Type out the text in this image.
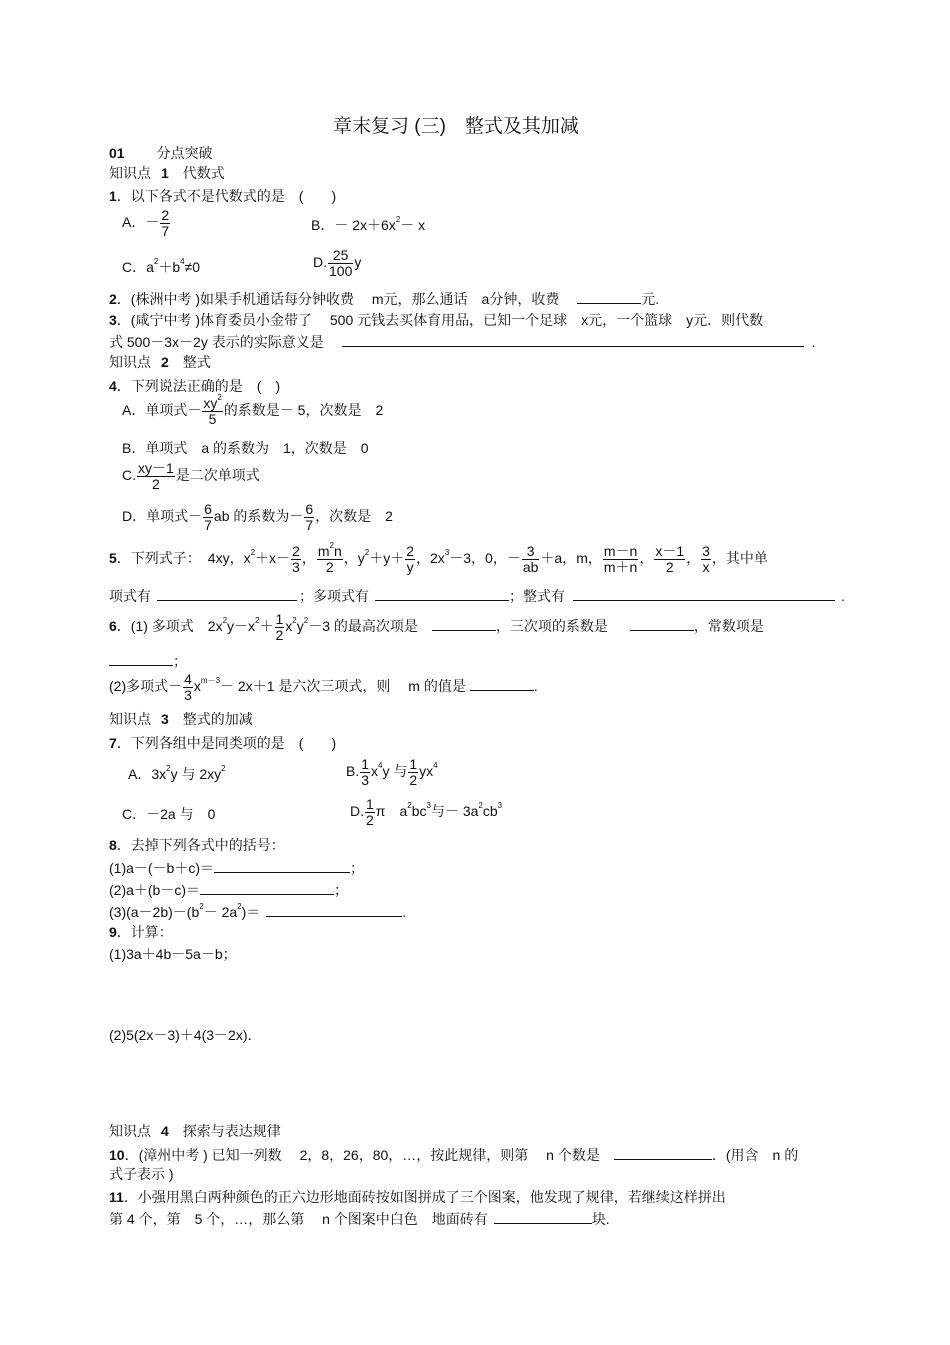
章末复习 (三)　整式及其加减
01 分点突破
知识点 1 代数式
1．以下各式不是代数式的是　(　　)
A．－ $\frac{2}{7}$	B．－ $2x+6x^2- x$
C．$a^2+b^4\ne 0$	D. $\frac{25}{100}$ y
2．(株洲中考 )如果手机通话每分钟收费　 m元，那么通话　a分钟，收费	元.
3．(咸宁中考 )体育委员小金带了　 500 元钱去买体育用品，已知一个足球　x元，一个篮球　y元．则代数
式 500－3x－2y 表示的实际意义是	.
知识点 2 整式
4．下列说法正确的是　(　)
A．单项式－ $\frac{xy^2}{5}$ 的系数是－ 5，次数是　2
B．单项式　a 的系数为　1，次数是　0
C. $\frac{xy-1}{2}$ 是二次单项式
D．单项式－ $\frac{6}{7}$ ab 的系数为－ $\frac{6}{7}$ ，次数是　2
5．下列式子：　4xy，$x^2+x- \frac{2}{3}$ ， $\frac{m^2n}{2}$ ，$y^2+y+ \frac{2}{y}$ ，$2x^3-3$，0，－ $\frac{3}{ab} +a$，m， $\frac{m-n}{m+n}$ ， $\frac{x-1}{2}$ ， $\frac{3}{x}$ ，其中单
项式有	；多项式有	；整式有	.
6．(1) 多项式　$2x^2y-x^2+ \frac{1}{2} x^2y^2-3$ 的最高次项是	，三次项的系数是	，常数项是
；
(2)多项式－ $\frac{4}{3} x^{m-3}- 2x+1$ 是六次三项式，则　 m 的值是	.
知识点 3 整式的加减
7．下列各组中是同类项的是　(　　)
A．$3x^2y$ 与 $2xy^2$	B. $\frac{1}{3} x^4y$ 与 $\frac{1}{2} yx^4$
C．－2a 与　0	D. $\frac{1}{2}$ π　$a^2bc^3$与－ $3a^2cb^3$
8．去掉下列各式中的括号：
(1)a－(－b＋c)＝	；
(2)a＋(b－c)＝	；
$(3)(a-2b)-(b^2- 2a^2)=$	.
9．计算：
(1)3a＋4b－5a－b；
(2)5(2x－3)＋4(3－2x)．
知识点 4 探索与表达规律
10．(漳州中考 ) 已知一列数　 2，8，26，80，…，按此规律，则第　 n 个数是	．(用含　n 的
式子表示 )
11．小强用黑白两种颜色的正六边形地面砖按如图拼成了三个图案，他发现了规律，若继续这样拼出
第 4 个，第　5 个，…，那么第　 n 个图案中白色　地面砖有	块.
